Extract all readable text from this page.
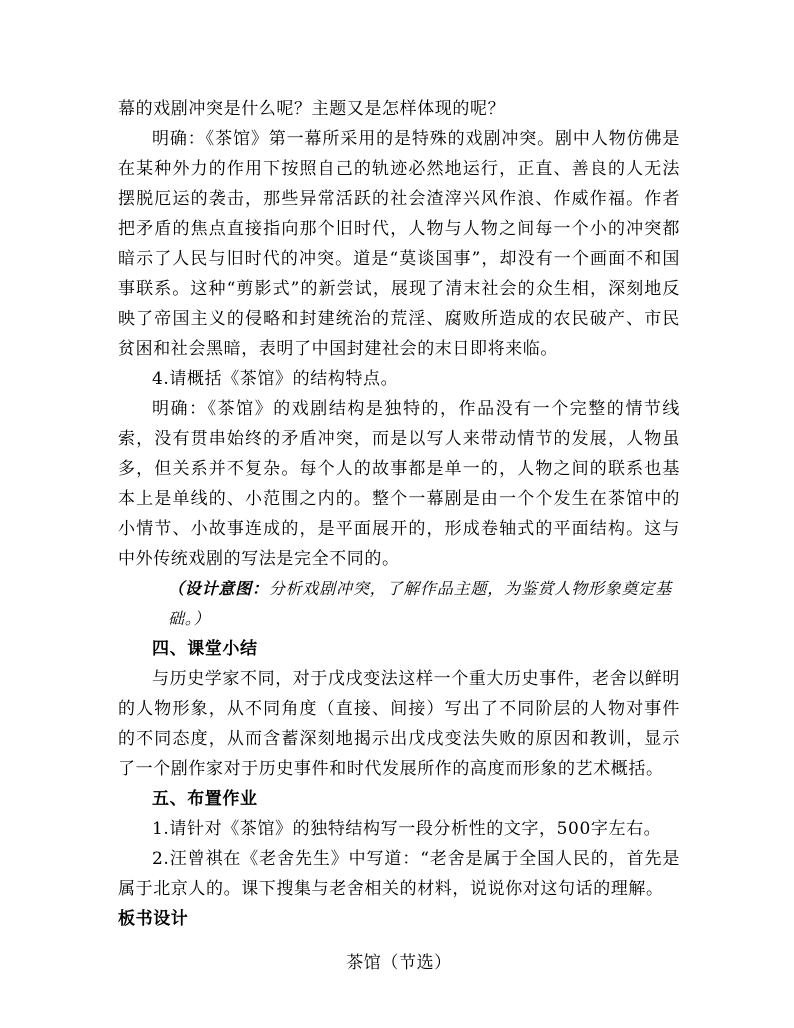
幕的戏剧冲突是什么呢？主题又是怎样体现的呢？

明确：《茶馆》第一幕所采用的是特殊的戏剧冲突。剧中人物仿佛是在某种外力的作用下按照自己的轨迹必然地运行，正直、善良的人无法摆脱厄运的袭击，那些异常活跃的社会渣滓兴风作浪、作威作福。作者把矛盾的焦点直接指向那个旧时代，人物与人物之间每一个小的冲突都暗示了人民与旧时代的冲突。道是“莫谈国事”，却没有一个画面不和国事联系。这种“剪影式”的新尝试，展现了清末社会的众生相，深刻地反映了帝国主义的侵略和封建统治的荒淫、腐败所造成的农民破产、市民贫困和社会黑暗，表明了中国封建社会的末日即将来临。

4.请概括《茶馆》的结构特点。

明确：《茶馆》的戏剧结构是独特的，作品没有一个完整的情节线索，没有贯串始终的矛盾冲突，而是以写人来带动情节的发展，人物虽多，但关系并不复杂。每个人的故事都是单一的，人物之间的联系也基本上是单线的、小范围之内的。整个一幕剧是由一个个发生在茶馆中的小情节、小故事连成的，是平面展开的，形成卷轴式的平面结构。这与中外传统戏剧的写法是完全不同的。

（设计意图：分析戏剧冲突，了解作品主题，为鉴赏人物形象奠定基础。）

四、课堂小结

与历史学家不同，对于戊戌变法这样一个重大历史事件，老舍以鲜明的人物形象，从不同角度（直接、间接）写出了不同阶层的人物对事件的不同态度，从而含蓄深刻地揭示出戊戌变法失败的原因和教训，显示了一个剧作家对于历史事件和时代发展所作的高度而形象的艺术概括。

五、布置作业

1.请针对《茶馆》的独特结构写一段分析性的文字，500字左右。

2.汪曾祺在《老舍先生》中写道：“老舍是属于全国人民的，首先是属于北京人的。课下搜集与老舍相关的材料，说说你对这句话的理解。

板书设计

茶馆（节选）
